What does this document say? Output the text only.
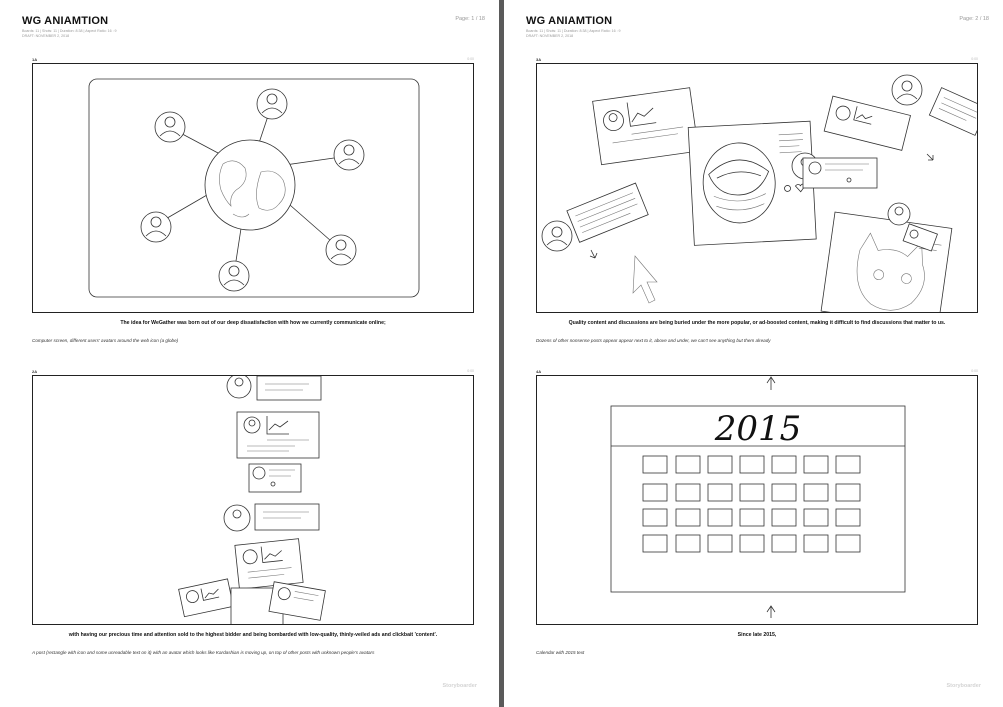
WG ANIAMTION
Boards: 11 | Shots: 11 | Duration: 8:38 | Aspect Ratio: 16 : 9
DRAFT: NOVEMBER 2, 2018
Page: 1 / 18
1A	0:00
The idea for WeGather was born out of our deep dissatisfaction with how we currently communicate online;
Computer screen, different users' avatars around the web icon (a globe)
2A	0:00
with having our precious time and attention sold to the highest bidder and being bombarded with low-quality, thinly-veiled ads and clickbait 'content'.
A post (rectangle with icon and some unreadable text on it) with an avatar which looks like Kardashian is moving up, on top of other posts with unknown people's avatars
Storyboarder
WG ANIAMTION
Boards: 11 | Shots: 11 | Duration: 8:38 | Aspect Ratio: 16 : 9
DRAFT: NOVEMBER 2, 2018
Page: 2 / 18
3A	0:00
Quality content and discussions are being buried under the more popular, or ad-boosted content, making it difficult to find discussions that matter to us.
Dozens of other nonsense posts appear appear next to it, above and under, we can't see anything but them already
4A	0:00
2015
Since late 2015,
Calendar with 2015 text
Storyboarder
